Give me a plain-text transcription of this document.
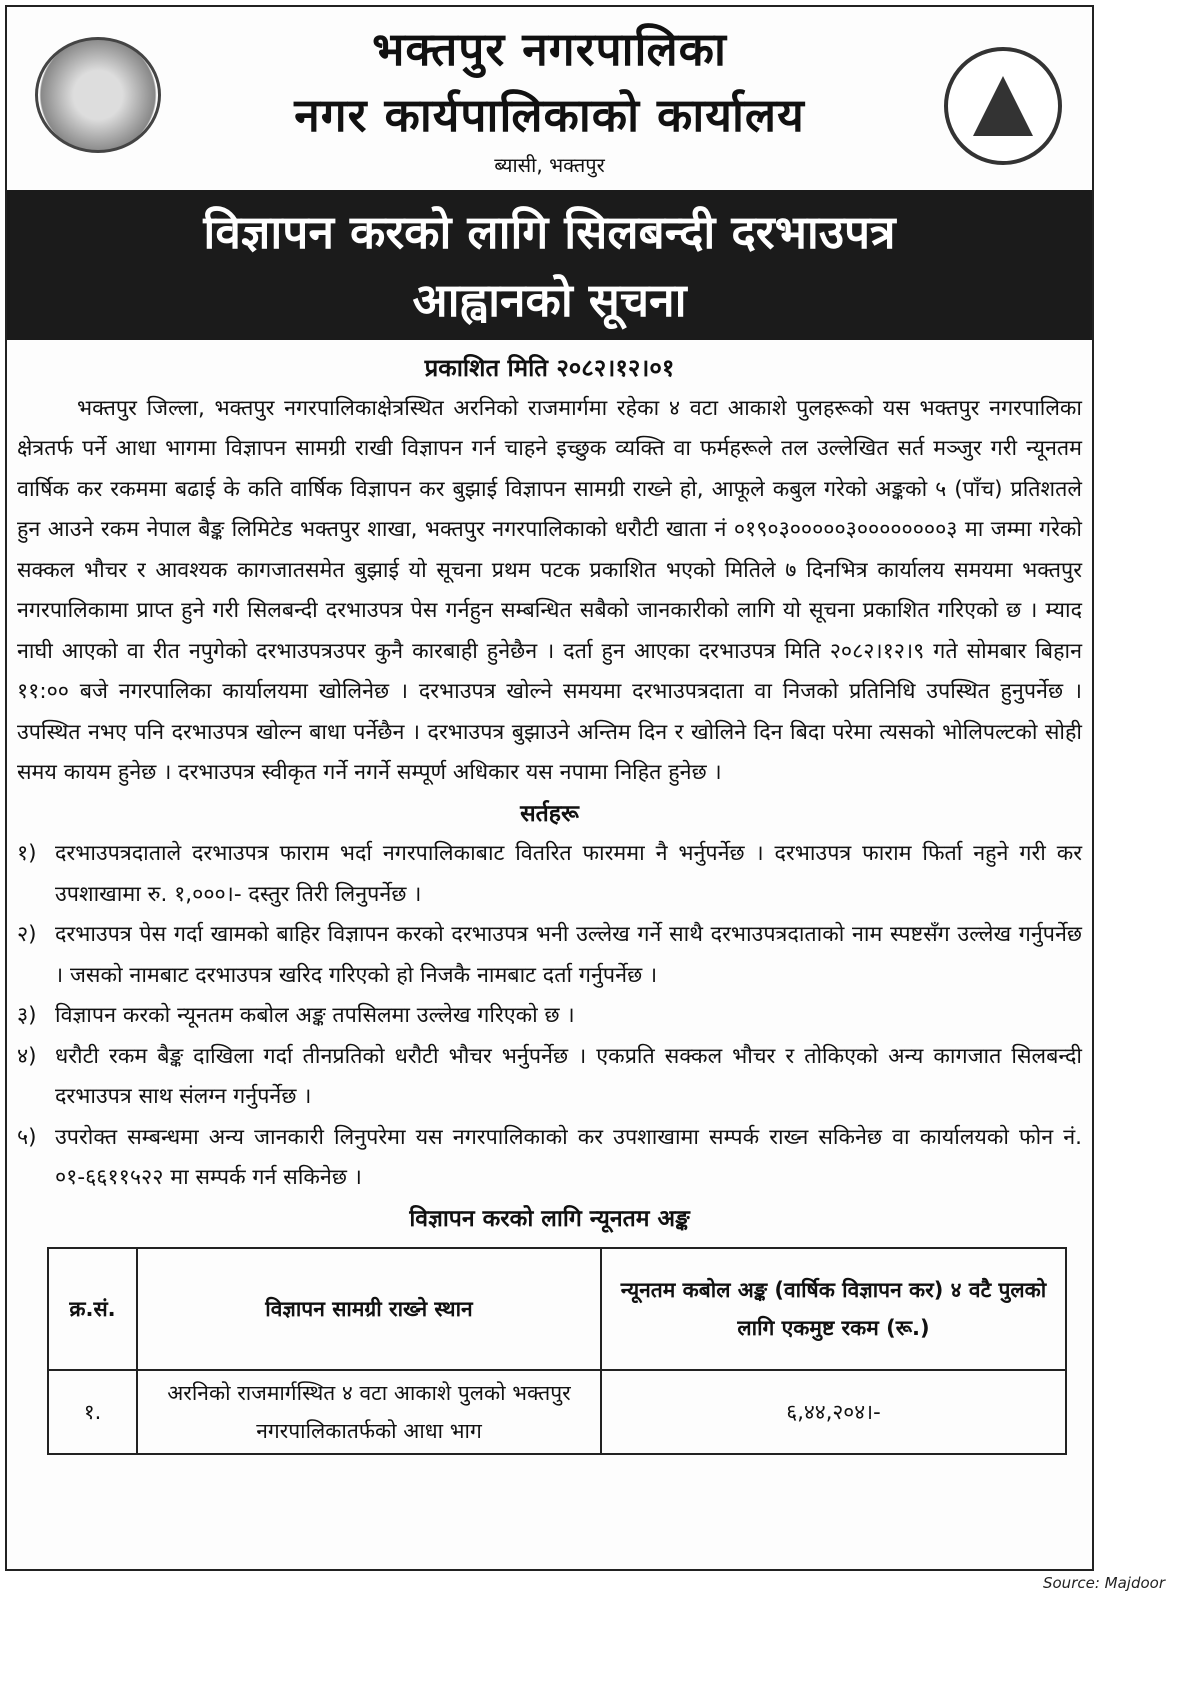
भक्तपुर नगरपालिका
नगर कार्यपालिकाको कार्यालय
ब्यासी, भक्तपुर
विज्ञापन करको लागि सिलबन्दी दरभाउपत्र
आह्वानको सूचना
प्रकाशित मिति २०८२।१२।०१
भक्तपुर जिल्ला, भक्तपुर नगरपालिकाक्षेत्रस्थित अरनिको राजमार्गमा रहेका ४ वटा आकाशे पुलहरूको यस भक्तपुर नगरपालिका क्षेत्रतर्फ पर्ने आधा भागमा विज्ञापन सामग्री राखी विज्ञापन गर्न चाहने इच्छुक व्यक्ति वा फर्महरूले तल उल्लेखित सर्त मञ्जुर गरी न्यूनतम वार्षिक कर रकममा बढाई के कति वार्षिक विज्ञापन कर बुझाई विज्ञापन सामग्री राख्ने हो, आफूले कबुल गरेको अङ्कको ५ (पाँच) प्रतिशतले हुन आउने रकम नेपाल बैङ्क लिमिटेड भक्तपुर शाखा, भक्तपुर नगरपालिकाको धरौटी खाता नं ०१९०३०००००३००००००००३ मा जम्मा गरेको सक्कल भौचर र आवश्यक कागजातसमेत बुझाई यो सूचना प्रथम पटक प्रकाशित भएको मितिले ७ दिनभित्र कार्यालय समयमा भक्तपुर नगरपालिकामा प्राप्त हुने गरी सिलबन्दी दरभाउपत्र पेस गर्नहुन सम्बन्धित सबैको जानकारीको लागि यो सूचना प्रकाशित गरिएको छ । म्याद नाघी आएको वा रीत नपुगेको दरभाउपत्रउपर कुनै कारबाही हुनेछैन । दर्ता हुन आएका दरभाउपत्र मिति २०८२।१२।९ गते सोमबार बिहान ११:०० बजे नगरपालिका कार्यालयमा खोलिनेछ । दरभाउपत्र खोल्ने समयमा दरभाउपत्रदाता वा निजको प्रतिनिधि उपस्थित हुनुपर्नेछ । उपस्थित नभए पनि दरभाउपत्र खोल्न बाधा पर्नेछैन । दरभाउपत्र बुझाउने अन्तिम दिन र खोलिने दिन बिदा परेमा त्यसको भोलिपल्टको सोही समय कायम हुनेछ । दरभाउपत्र स्वीकृत गर्ने नगर्ने सम्पूर्ण अधिकार यस नपामा निहित हुनेछ ।
सर्तहरू
१) दरभाउपत्रदाताले दरभाउपत्र फाराम भर्दा नगरपालिकाबाट वितरित फारममा नै भर्नुपर्नेछ । दरभाउपत्र फाराम फिर्ता नहुने गरी कर उपशाखामा रु. १,०००।- दस्तुर तिरी लिनुपर्नेछ ।
२) दरभाउपत्र पेस गर्दा खामको बाहिर विज्ञापन करको दरभाउपत्र भनी उल्लेख गर्ने साथै दरभाउपत्रदाताको नाम स्पष्टसँग उल्लेख गर्नुपर्नेछ । जसको नामबाट दरभाउपत्र खरिद गरिएको हो निजकै नामबाट दर्ता गर्नुपर्नेछ ।
३) विज्ञापन करको न्यूनतम कबोल अङ्क तपसिलमा उल्लेख गरिएको छ ।
४) धरौटी रकम बैङ्क दाखिला गर्दा तीनप्रतिको धरौटी भौचर भर्नुपर्नेछ । एकप्रति सक्कल भौचर र तोकिएको अन्य कागजात सिलबन्दी दरभाउपत्र साथ संलग्न गर्नुपर्नेछ ।
५) उपरोक्त सम्बन्धमा अन्य जानकारी लिनुपरेमा यस नगरपालिकाको कर उपशाखामा सम्पर्क राख्न सकिनेछ वा कार्यालयको फोन नं. ०१-६६११५२२ मा सम्पर्क गर्न सकिनेछ ।
विज्ञापन करको लागि न्यूनतम अङ्क
क्र.सं.	विज्ञापन सामग्री राख्ने स्थान	न्यूनतम कबोल अङ्क (वार्षिक विज्ञापन कर) ४ वटै पुलको लागि एकमुष्ट रकम (रू.)
१.	अरनिको राजमार्गस्थित ४ वटा आकाशे पुलको भक्तपुर नगरपालिकातर्फको आधा भाग	६,४४,२०४।-
Source: Majdoor
